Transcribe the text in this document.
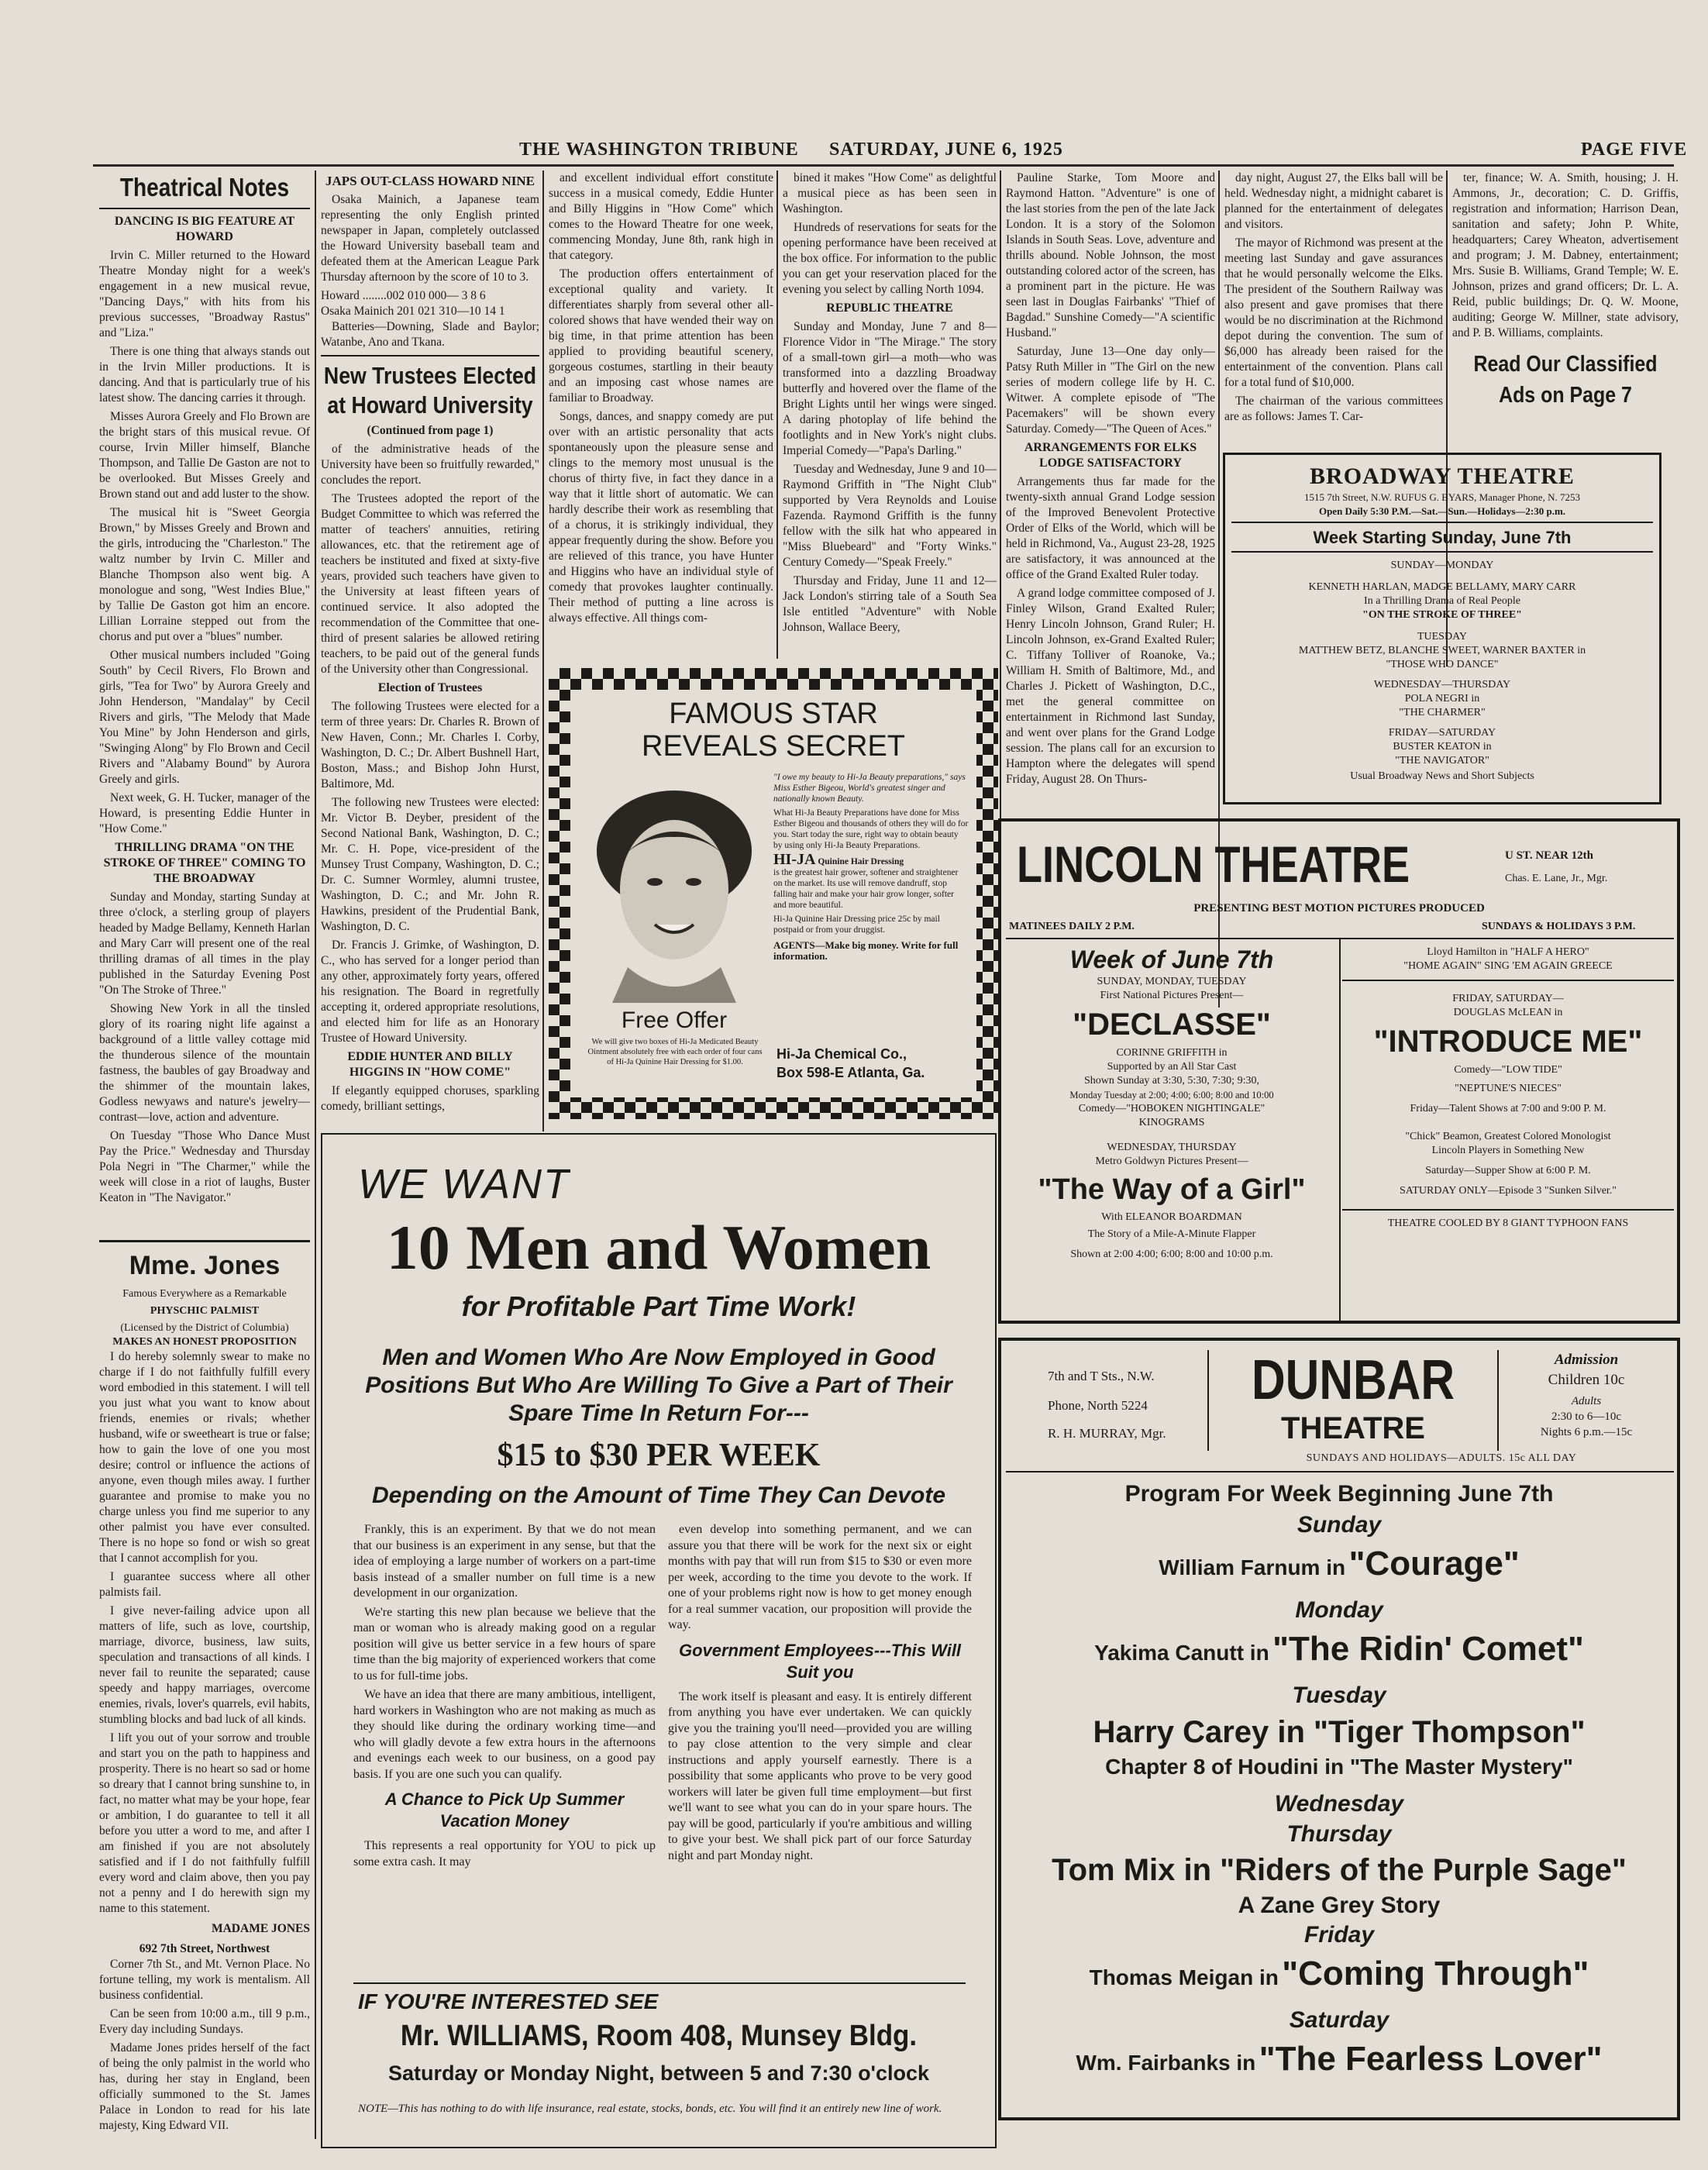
THE WASHINGTON TRIBUNE	SATURDAY, JUNE 6, 1925	PAGE FIVE
Theatrical Notes
DANCING IS BIG FEATURE AT HOWARD

Irvin C. Miller returned to the Howard Theatre Monday night for a week's engagement in a new musical revue, "Dancing Days," with hits from his previous successes, "Broadway Rastus" and "Liza."

There is one thing that always stands out in the Irvin Miller productions. It is dancing. And that is particularly true of his latest show. The dancing carries it through.

Misses Aurora Greely and Flo Brown are the bright stars of this musical revue. Of course, Irvin Miller himself, Blanche Thompson, and Tallie De Gaston are not to be overlooked. But Misses Greely and Brown stand out and add luster to the show.

The musical hit is "Sweet Georgia Brown," by Misses Greely and Brown and the girls, introducing the "Charleston." The waltz number by Irvin C. Miller and Blanche Thompson also went big. A monologue and song, "West Indies Blue," by Tallie De Gaston got him an encore. Lillian Lorraine stepped out from the chorus and put over a "blues" number.

Other musical numbers included "Going South" by Cecil Rivers, Flo Brown and girls, "Tea for Two" by Aurora Greely and John Henderson, "Mandalay" by Cecil Rivers and girls, "The Melody that Made You Mine" by John Henderson and girls, "Swinging Along" by Flo Brown and Cecil Rivers and "Alabamy Bound" by Aurora Greely and girls.

Next week, G. H. Tucker, manager of the Howard, is presenting Eddie Hunter in "How Come."

THRILLING DRAMA "ON THE STROKE OF THREE" COMING TO THE BROADWAY

Sunday and Monday, starting Sunday at three o'clock, a sterling group of players headed by Madge Bellamy, Kenneth Harlan and Mary Carr will present one of the real thrilling dramas of all times in the play published in the Saturday Evening Post "On The Stroke of Three."

Showing New York in all the tinsled glory of its roaring night life against a background of a little valley cottage mid the thunderous silence of the mountain fastness, the baubles of gay Broadway and the shimmer of the mountain lakes, Godless newyaws and nature's jewelry—contrast—love, action and adventure.

On Tuesday "Those Who Dance Must Pay the Price." Wednesday and Thursday Pola Negri in "The Charmer," while the week will close in a riot of laughs, Buster Keaton in "The Navigator."

Mme. Jones
Famous Everywhere as a Remarkable
PHYSCHIC PALMIST
(Licensed by the District of Columbia)
MAKES AN HONEST PROPOSITION

I do hereby solemnly swear to make no charge if I do not faithfully fulfill every word embodied in this statement. I will tell you just what you want to know about friends, enemies or rivals; whether husband, wife or sweetheart is true or false; how to gain the love of one you most desire; control or influence the actions of anyone, even though miles away. I further guarantee and promise to make you no charge unless you find me superior to any other palmist you have ever consulted. There is no hope so fond or wish so great that I cannot accomplish for you.

I guarantee success where all other palmists fail.

I give never-failing advice upon all matters of life, such as love, courtship, marriage, divorce, business, law suits, speculation and transactions of all kinds. I never fail to reunite the separated; cause speedy and happy marriages, overcome enemies, rivals, lover's quarrels, evil habits, stumbling blocks and bad luck of all kinds.

I lift you out of your sorrow and trouble and start you on the path to happiness and prosperity. There is no heart so sad or home so dreary that I cannot bring sunshine to, in fact, no matter what may be your hope, fear or ambition, I do guarantee to tell it all before you utter a word to me, and after I am finished if you are not absolutely satisfied and if I do not faithfully fulfill every word and claim above, then you pay not a penny and I do herewith sign my name to this statement.

MADAME JONES
692 7th Street, Northwest

Corner 7th St., and Mt. Vernon Place. No fortune telling, my work is mentalism. All business confidential.

Can be seen from 10:00 a.m., till 9 p.m., Every day including Sundays.

Madame Jones prides herself of the fact of being the only palmist in the world who has, during her stay in England, been officially summoned to the St. James Palace in London to read for his late majesty, King Edward VII.

JAPS OUT-CLASS HOWARD NINE

Osaka Mainich, a Japanese team representing the only English printed newspaper in Japan, completely outclassed the Howard University baseball team and defeated them at the American League Park Thursday afternoon by the score of 10 to 3.

Howard ........002 010 000— 3 8 6
Osaka Mainich 201 021 310—10 14 1

Batteries—Downing, Slade and Baylor; Watanbe, Ano and Tkana.

New Trustees Elected at Howard University
(Continued from page 1)

of the administrative heads of the University have been so fruitfully rewarded," concludes the report.

The Trustees adopted the report of the Budget Committee to which was referred the matter of teachers' annuities, retiring allowances, etc. that the retirement age of teachers be instituted and fixed at sixty-five years, provided such teachers have given to the University at least fifteen years of continued service. It also adopted the recommendation of the Committee that one-third of present salaries be allowed retiring teachers, to be paid out of the general funds of the University other than Congressional.

Election of Trustees

The following Trustees were elected for a term of three years: Dr. Charles R. Brown of New Haven, Conn.; Mr. Charles I. Corby, Washington, D. C.; Dr. Albert Bushnell Hart, Boston, Mass.; and Bishop John Hurst, Baltimore, Md.

The following new Trustees were elected: Mr. Victor B. Deyber, president of the Second National Bank, Washington, D. C.; Mr. C. H. Pope, vice-president of the Munsey Trust Company, Washington, D. C.; Dr. C. Sumner Wormley, alumni trustee, Washington, D. C.; and Mr. John R. Hawkins, president of the Prudential Bank, Washington, D. C.

Dr. Francis J. Grimke, of Washington, D. C., who has served for a longer period than any other, approximately forty years, offered his resignation. The Board in regretfully accepting it, ordered appropriate resolutions, and elected him for life as an Honorary Trustee of Howard University.

EDDIE HUNTER AND BILLY HIGGINS IN "HOW COME"

If elegantly equipped choruses, sparkling comedy, brilliant settings,

and excellent individual effort constitute success in a musical comedy, Eddie Hunter and Billy Higgins in "How Come" which comes to the Howard Theatre for one week, commencing Monday, June 8th, rank high in that category.

The production offers entertainment of exceptional quality and variety. It differentiates sharply from several other all-colored shows that have wended their way on big time, in that prime attention has been applied to providing beautiful scenery, gorgeous costumes, startling in their beauty and an imposing cast whose names are familiar to Broadway.

Songs, dances, and snappy comedy are put over with an artistic personality that acts spontaneously upon the pleasure sense and clings to the memory most unusual is the chorus of thirty five, in fact they dance in a way that it little short of automatic. We can hardly describe their work as resembling that of a chorus, it is strikingly individual, they appear frequently during the show. Before you are relieved of this trance, you have Hunter and Higgins who have an individual style of comedy that provokes laughter continually. Their method of putting a line across is always effective. All things com-

bined it makes "How Come" as delightful a musical piece as has been seen in Washington.

Hundreds of reservations for seats for the opening performance have been received at the box office. For information to the public you can get your reservation placed for the evening you select by calling North 1094.

REPUBLIC THEATRE

Sunday and Monday, June 7 and 8—Florence Vidor in "The Mirage." The story of a small-town girl—a moth—who was transformed into a dazzling Broadway butterfly and hovered over the flame of the Bright Lights until her wings were singed. A daring photoplay of life behind the footlights and in New York's night clubs. Imperial Comedy—"Papa's Darling."

Tuesday and Wednesday, June 9 and 10—Raymond Griffith in "The Night Club" supported by Vera Reynolds and Louise Fazenda. Raymond Griffith is the funny fellow with the silk hat who appeared in "Miss Bluebeard" and "Forty Winks." Century Comedy—"Speak Freely."

Thursday and Friday, June 11 and 12—Jack London's stirring tale of a South Sea Isle entitled "Adventure" with Noble Johnson, Wallace Beery,

Pauline Starke, Tom Moore and Raymond Hatton. "Adventure" is one of the last stories from the pen of the late Jack London. It is a story of the Solomon Islands in South Seas. Love, adventure and thrills abound. Noble Johnson, the most outstanding colored actor of the screen, has a prominent part in the picture. He was seen last in Douglas Fairbanks' "Thief of Bagdad." Sunshine Comedy—"A scientific Husband."

Saturday, June 13—One day only—Patsy Ruth Miller in "The Girl on the new series of modern college life by H. C. Witwer. A complete episode of "The Pacemakers" will be shown every Saturday. Comedy—"The Queen of Aces."

ARRANGEMENTS FOR ELKS LODGE SATISFACTORY

Arrangements thus far made for the twenty-sixth annual Grand Lodge session of the Improved Benevolent Protective Order of Elks of the World, which will be held in Richmond, Va., August 23-28, 1925 are satisfactory, it was announced at the office of the Grand Exalted Ruler today.

A grand lodge committee composed of J. Finley Wilson, Grand Exalted Ruler; Henry Lincoln Johnson, Grand Ruler; H. Lincoln Johnson, ex-Grand Exalted Ruler; C. Tiffany Tolliver of Roanoke, Va.; William H. Smith of Baltimore, Md., and Charles J. Pickett of Washington, D.C., met the general committee on entertainment in Richmond last Sunday, and went over plans for the Grand Lodge session. The plans call for an excursion to Hampton where the delegates will spend Friday, August 28. On Thurs-

day night, August 27, the Elks ball will be held. Wednesday night, a midnight cabaret is planned for the entertainment of delegates and visitors.

The mayor of Richmond was present at the meeting last Sunday and gave assurances that he would personally welcome the Elks. The president of the Southern Railway was also present and gave promises that there would be no discrimination at the Richmond depot during the convention. The sum of $6,000 has already been raised for the entertainment of the convention. Plans call for a total fund of $10,000.

The chairman of the various committees are as follows: James T. Car-

ter, finance; W. A. Smith, housing; J. H. Ammons, Jr., decoration; C. D. Griffis, registration and information; Harrison Dean, sanitation and safety; John P. White, headquarters; Carey Wheaton, advertisement and program; J. M. Dabney, entertainment; Mrs. Susie B. Williams, Grand Temple; W. E. Johnson, prizes and grand officers; Dr. L. A. Reid, public buildings; Dr. Q. W. Moone, auditing; George W. Millner, state advisory, and P. B. Williams, complaints.

Read Our Classified Ads on Page 7
FAMOUS STAR
REVEALS SECRET
"I owe my beauty to Hi-Ja Beauty preparations," says Miss Esther Bigeou, World's greatest singer and nationally known Beauty.
What Hi-Ja Beauty Preparations have done for Miss Esther Bigeou and thousands of others they will do for you. Start today the sure, right way to obtain beauty by using only Hi-Ja Beauty Preparations.
HI-JA Quinine Hair Dressing
is the greatest hair grower, softener and straightener on the market. Its use will remove dandruff, stop falling hair and make your hair grow longer, softer and more beautiful.
Hi-Ja Quinine Hair Dressing price 25c by mail postpaid or from your druggist.
AGENTS—Make big money. Write for full information.
Free Offer
We will give two boxes of Hi-Ja Medicated Beauty Ointment absolutely free with each order of four cans of Hi-Ja Quinine Hair Dressing for $1.00.
Hi-Ja Chemical Co.,
Box 598-E Atlanta, Ga.
WE WANT
10 Men and Women
for Profitable Part Time Work!
Men and Women Who Are Now Employed in Good Positions But Who Are Willing To Give a Part of Their Spare Time In Return For---
$15 to $30 PER WEEK
Depending on the Amount of Time They Can Devote

Frankly, this is an experiment. By that we do not mean that our business is an experiment in any sense, but that the idea of employing a large number of workers on a part-time basis instead of a smaller number on full time is a new development in our organization.

We're starting this new plan because we believe that the man or woman who is already making good on a regular position will give us better service in a few hours of spare time than the big majority of experienced workers that come to us for full-time jobs.

We have an idea that there are many ambitious, intelligent, hard workers in Washington who are not making as much as they should like during the ordinary working time—and who will gladly devote a few extra hours in the afternoons and evenings each week to our business, on a good pay basis. If you are one such you can qualify.

A Chance to Pick Up Summer Vacation Money

This represents a real opportunity for YOU to pick up some extra cash. It may

even develop into something permanent, and we can assure you that there will be work for the next six or eight months with pay that will run from $15 to $30 or even more per week, according to the time you devote to the work. If one of your problems right now is how to get money enough for a real summer vacation, our proposition will provide the way.

Government Employees---This Will Suit you

The work itself is pleasant and easy. It is entirely different from anything you have ever undertaken. We can quickly give you the training you'll need—provided you are willing to pay close attention to the very simple and clear instructions and apply yourself earnestly. There is a possibility that some applicants who prove to be very good workers will later be given full time employment—but first we'll want to see what you can do in your spare hours. The pay will be good, particularly if you're ambitious and willing to give your best. We shall pick part of our force Saturday night and part Monday night.

IF YOU'RE INTERESTED SEE
Mr. WILLIAMS, Room 408, Munsey Bldg.
Saturday or Monday Night, between 5 and 7:30 o'clock
NOTE—This has nothing to do with life insurance, real estate, stocks, bonds, etc. You will find it an entirely new line of work.
BROADWAY THEATRE
1515 7th Street, N.W. RUFUS G. BYARS, Manager Phone, N. 7253
Open Daily 5:30 P.M.—Sat.—Sun.—Holidays—2:30 p.m.
Week Starting Sunday, June 7th
SUNDAY—MONDAY
KENNETH HARLAN, MADGE BELLAMY, MARY CARR
In a Thrilling Drama of Real People
"ON THE STROKE OF THREE"
TUESDAY
MATTHEW BETZ, BLANCHE SWEET, WARNER BAXTER in
"THOSE WHO DANCE"
WEDNESDAY—THURSDAY
POLA NEGRI in
"THE CHARMER"
FRIDAY—SATURDAY
BUSTER KEATON in
"THE NAVIGATOR"
Usual Broadway News and Short Subjects
LINCOLN THEATRE	U ST. NEAR 12th
Chas. E. Lane, Jr., Mgr.
PRESENTING BEST MOTION PICTURES PRODUCED
MATINEES DAILY 2 P.M.	SUNDAYS & HOLIDAYS 3 P.M.
Week of June 7th
SUNDAY, MONDAY, TUESDAY
First National Pictures Present—
"DECLASSE"
CORINNE GRIFFITH in
Supported by an All Star Cast
Shown Sunday at 3:30, 5:30, 7:30; 9:30,
Monday Tuesday at 2:00; 4:00; 6:00; 8:00 and 10:00
Comedy—"HOBOKEN NIGHTINGALE"
KINOGRAMS
WEDNESDAY, THURSDAY
Metro Goldwyn Pictures Present—
"The Way of a Girl"
With ELEANOR BOARDMAN
The Story of a Mile-A-Minute Flapper
Shown at 2:00 4:00; 6:00; 8:00 and 10:00 p.m.
Lloyd Hamilton in "HALF A HERO"
"HOME AGAIN" SING 'EM AGAIN GREECE
FRIDAY, SATURDAY—
DOUGLAS McLEAN in
"INTRODUCE ME"
Comedy—"LOW TIDE"
"NEPTUNE'S NIECES"
Friday—Talent Shows at 7:00 and 9:00 P. M.
"Chick" Beamon, Greatest Colored Monologist
Lincoln Players in Something New
Saturday—Supper Show at 6:00 P. M.
SATURDAY ONLY—Episode 3 "Sunken Silver."
THEATRE COOLED BY 8 GIANT TYPHOON FANS
7th and T Sts., N.W.
Phone, North 5224
R. H. MURRAY, Mgr.
DUNBAR
THEATRE
Admission
Children 10c
Adults
2:30 to 6—10c
Nights 6 p.m.—15c
SUNDAYS AND HOLIDAYS—ADULTS. 15c ALL DAY
Program For Week Beginning June 7th
Sunday
William Farnum in "Courage"
Monday
Yakima Canutt in "The Ridin' Comet"
Tuesday
Harry Carey in "Tiger Thompson"
Chapter 8 of Houdini in "The Master Mystery"
Wednesday
Thursday
Tom Mix in "Riders of the Purple Sage"
A Zane Grey Story
Friday
Thomas Meigan in "Coming Through"
Saturday
Wm. Fairbanks in "The Fearless Lover"
